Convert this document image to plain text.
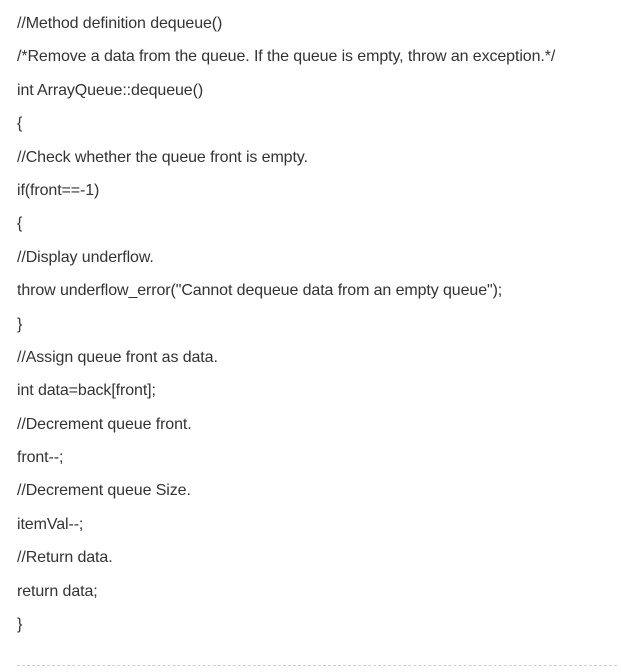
//Method definition dequeue()
/*Remove a data from the queue. If the queue is empty, throw an exception.*/
int ArrayQueue::dequeue()
{
//Check whether the queue front is empty.
if(front==-1)
{
//Display underflow.
throw underflow_error("Cannot dequeue data from an empty queue");
}
//Assign queue front as data.
int data=back[front];
//Decrement queue front.
front--;
//Decrement queue Size.
itemVal--;
//Return data.
return data;
}
